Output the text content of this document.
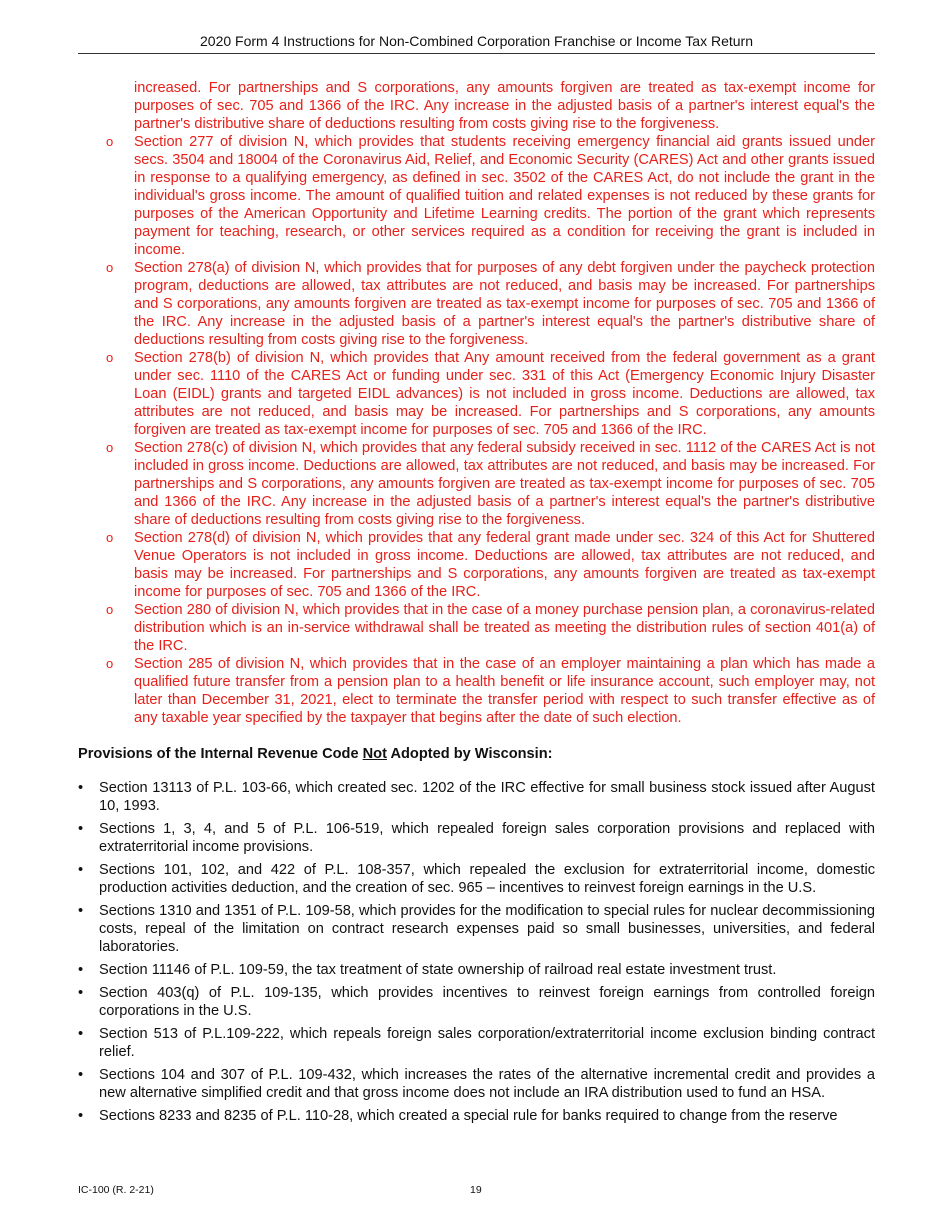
2020 Form 4 Instructions for Non-Combined Corporation Franchise or Income Tax Return
increased. For partnerships and S corporations, any amounts forgiven are treated as tax-exempt income for purposes of sec. 705 and 1366 of the IRC. Any increase in the adjusted basis of a partner's interest equal's the partner's distributive share of deductions resulting from costs giving rise to the forgiveness.
o Section 277 of division N, which provides that students receiving emergency financial aid grants issued under secs. 3504 and 18004 of the Coronavirus Aid, Relief, and Economic Security (CARES) Act and other grants issued in response to a qualifying emergency, as defined in sec. 3502 of the CARES Act, do not include the grant in the individual's gross income. The amount of qualified tuition and related expenses is not reduced by these grants for purposes of the American Opportunity and Lifetime Learning credits. The portion of the grant which represents payment for teaching, research, or other services required as a condition for receiving the grant is included in income.
o Section 278(a) of division N, which provides that for purposes of any debt forgiven under the paycheck protection program, deductions are allowed, tax attributes are not reduced, and basis may be increased. For partnerships and S corporations, any amounts forgiven are treated as tax-exempt income for purposes of sec. 705 and 1366 of the IRC. Any increase in the adjusted basis of a partner's interest equal's the partner's distributive share of deductions resulting from costs giving rise to the forgiveness.
o Section 278(b) of division N, which provides that Any amount received from the federal government as a grant under sec. 1110 of the CARES Act or funding under sec. 331 of this Act (Emergency Economic Injury Disaster Loan (EIDL) grants and targeted EIDL advances) is not included in gross income. Deductions are allowed, tax attributes are not reduced, and basis may be increased. For partnerships and S corporations, any amounts forgiven are treated as tax-exempt income for purposes of sec. 705 and 1366 of the IRC.
o Section 278(c) of division N, which provides that any federal subsidy received in sec. 1112 of the CARES Act is not included in gross income. Deductions are allowed, tax attributes are not reduced, and basis may be increased. For partnerships and S corporations, any amounts forgiven are treated as tax-exempt income for purposes of sec. 705 and 1366 of the IRC. Any increase in the adjusted basis of a partner's interest equal's the partner's distributive share of deductions resulting from costs giving rise to the forgiveness.
o Section 278(d) of division N, which provides that any federal grant made under sec. 324 of this Act for Shuttered Venue Operators is not included in gross income. Deductions are allowed, tax attributes are not reduced, and basis may be increased. For partnerships and S corporations, any amounts forgiven are treated as tax-exempt income for purposes of sec. 705 and 1366 of the IRC.
o Section 280 of division N, which provides that in the case of a money purchase pension plan, a coronavirus-related distribution which is an in-service withdrawal shall be treated as meeting the distribution rules of section 401(a) of the IRC.
o Section 285 of division N, which provides that in the case of an employer maintaining a plan which has made a qualified future transfer from a pension plan to a health benefit or life insurance account, such employer may, not later than December 31, 2021, elect to terminate the transfer period with respect to such transfer effective as of any taxable year specified by the taxpayer that begins after the date of such election.
Provisions of the Internal Revenue Code Not Adopted by Wisconsin:
• Section 13113 of P.L. 103-66, which created sec. 1202 of the IRC effective for small business stock issued after August 10, 1993.
• Sections 1, 3, 4, and 5 of P.L. 106-519, which repealed foreign sales corporation provisions and replaced with extraterritorial income provisions.
• Sections 101, 102, and 422 of P.L. 108-357, which repealed the exclusion for extraterritorial income, domestic production activities deduction, and the creation of sec. 965 – incentives to reinvest foreign earnings in the U.S.
• Sections 1310 and 1351 of P.L. 109-58, which provides for the modification to special rules for nuclear decommissioning costs, repeal of the limitation on contract research expenses paid so small businesses, universities, and federal laboratories.
• Section 11146 of P.L. 109-59, the tax treatment of state ownership of railroad real estate investment trust.
• Section 403(q) of P.L. 109-135, which provides incentives to reinvest foreign earnings from controlled foreign corporations in the U.S.
• Section 513 of P.L.109-222, which repeals foreign sales corporation/extraterritorial income exclusion binding contract relief.
• Sections 104 and 307 of P.L. 109-432, which increases the rates of the alternative incremental credit and provides a new alternative simplified credit and that gross income does not include an IRA distribution used to fund an HSA.
• Sections 8233 and 8235 of P.L. 110-28, which created a special rule for banks required to change from the reserve
IC-100 (R. 2-21)	19
